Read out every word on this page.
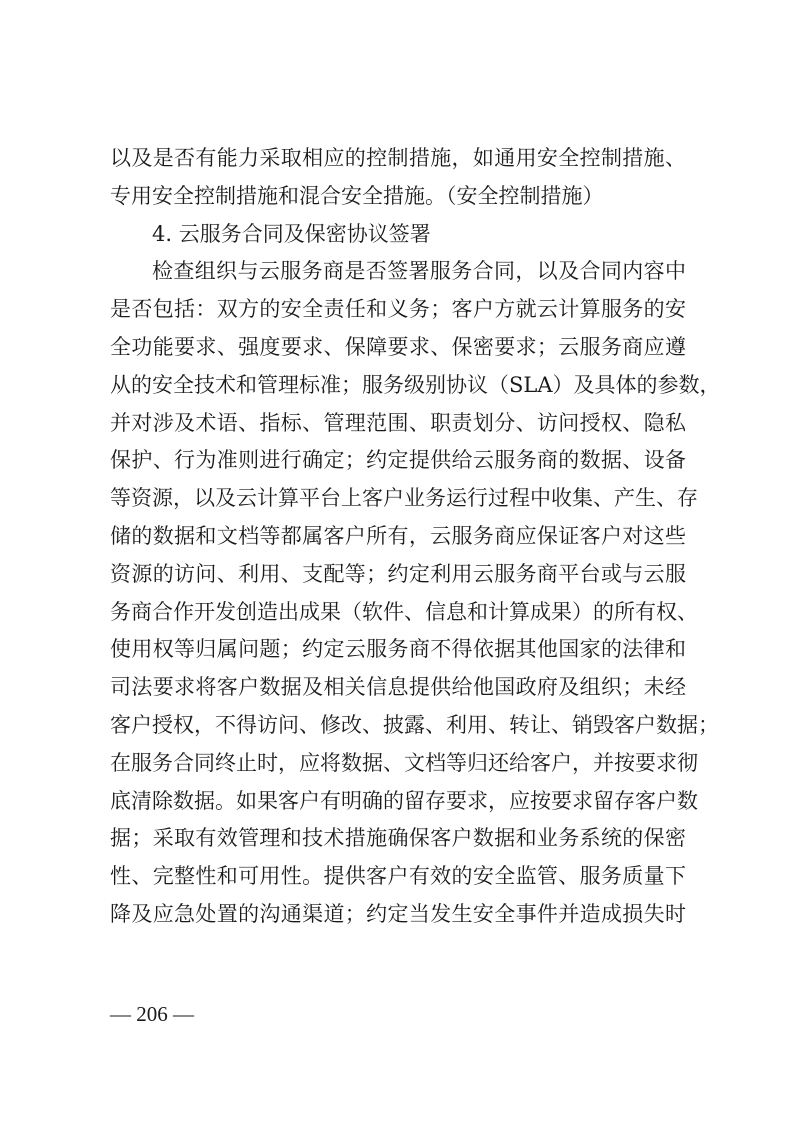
以及是否有能力采取相应的控制措施，如通用安全控制措施、
专用安全控制措施和混合安全措施。（安全控制措施）
4. 云服务合同及保密协议签署
检查组织与云服务商是否签署服务合同，以及合同内容中
是否包括：双方的安全责任和义务；客户方就云计算服务的安
全功能要求、强度要求、保障要求、保密要求；云服务商应遵
从的安全技术和管理标准；服务级别协议（SLA）及具体的参数，
并对涉及术语、指标、管理范围、职责划分、访问授权、隐私
保护、行为准则进行确定；约定提供给云服务商的数据、设备
等资源，以及云计算平台上客户业务运行过程中收集、产生、存
储的数据和文档等都属客户所有，云服务商应保证客户对这些
资源的访问、利用、支配等；约定利用云服务商平台或与云服
务商合作开发创造出成果（软件、信息和计算成果）的所有权、
使用权等归属问题；约定云服务商不得依据其他国家的法律和
司法要求将客户数据及相关信息提供给他国政府及组织；未经
客户授权，不得访问、修改、披露、利用、转让、销毁客户数据；
在服务合同终止时，应将数据、文档等归还给客户，并按要求彻
底清除数据。如果客户有明确的留存要求，应按要求留存客户数
据；采取有效管理和技术措施确保客户数据和业务系统的保密
性、完整性和可用性。提供客户有效的安全监管、服务质量下
降及应急处置的沟通渠道；约定当发生安全事件并造成损失时
— 206 —
